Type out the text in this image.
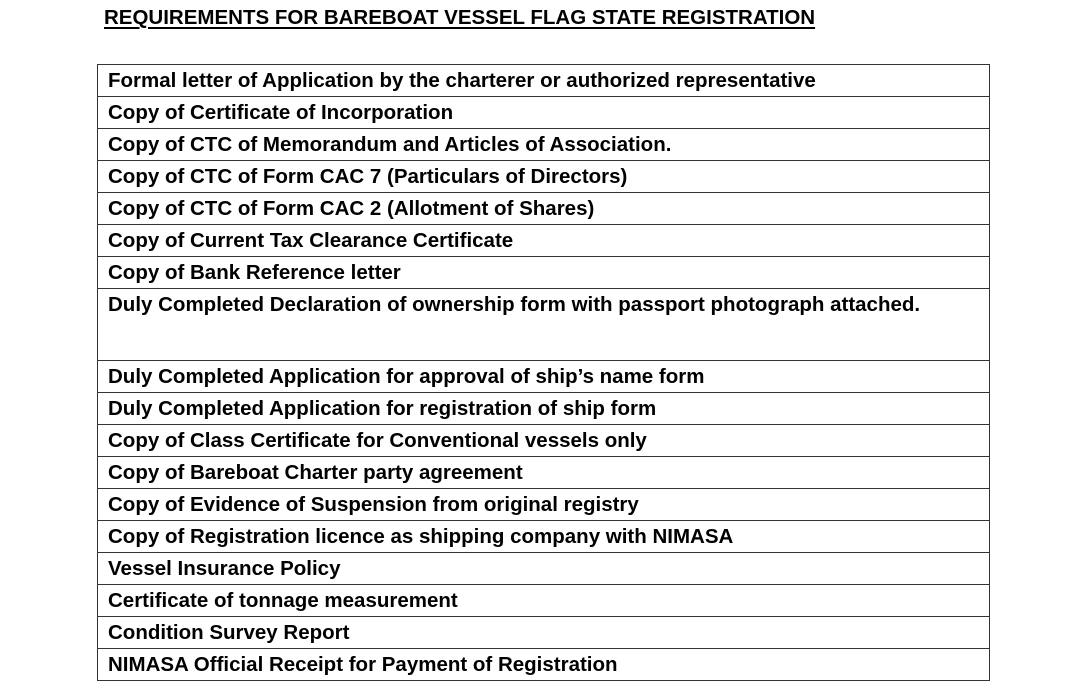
REQUIREMENTS FOR BAREBOAT VESSEL FLAG STATE REGISTRATION
Formal letter of Application by the charterer or authorized representative
Copy of Certificate of Incorporation
Copy of CTC of Memorandum and Articles of Association.
Copy of CTC of Form CAC 7 (Particulars of Directors)
Copy of CTC of Form CAC 2 (Allotment of Shares)
Copy of Current Tax Clearance Certificate
Copy of Bank Reference letter
Duly Completed Declaration of ownership form with passport photograph attached.
Duly Completed Application for approval of ship’s name form
Duly Completed Application for registration of ship form
Copy of Class Certificate for Conventional vessels only
Copy of Bareboat Charter party agreement
Copy of Evidence of Suspension from original registry
Copy of Registration licence as shipping company with NIMASA
Vessel Insurance Policy
Certificate of tonnage measurement
Condition Survey Report
NIMASA Official Receipt for Payment of Registration
